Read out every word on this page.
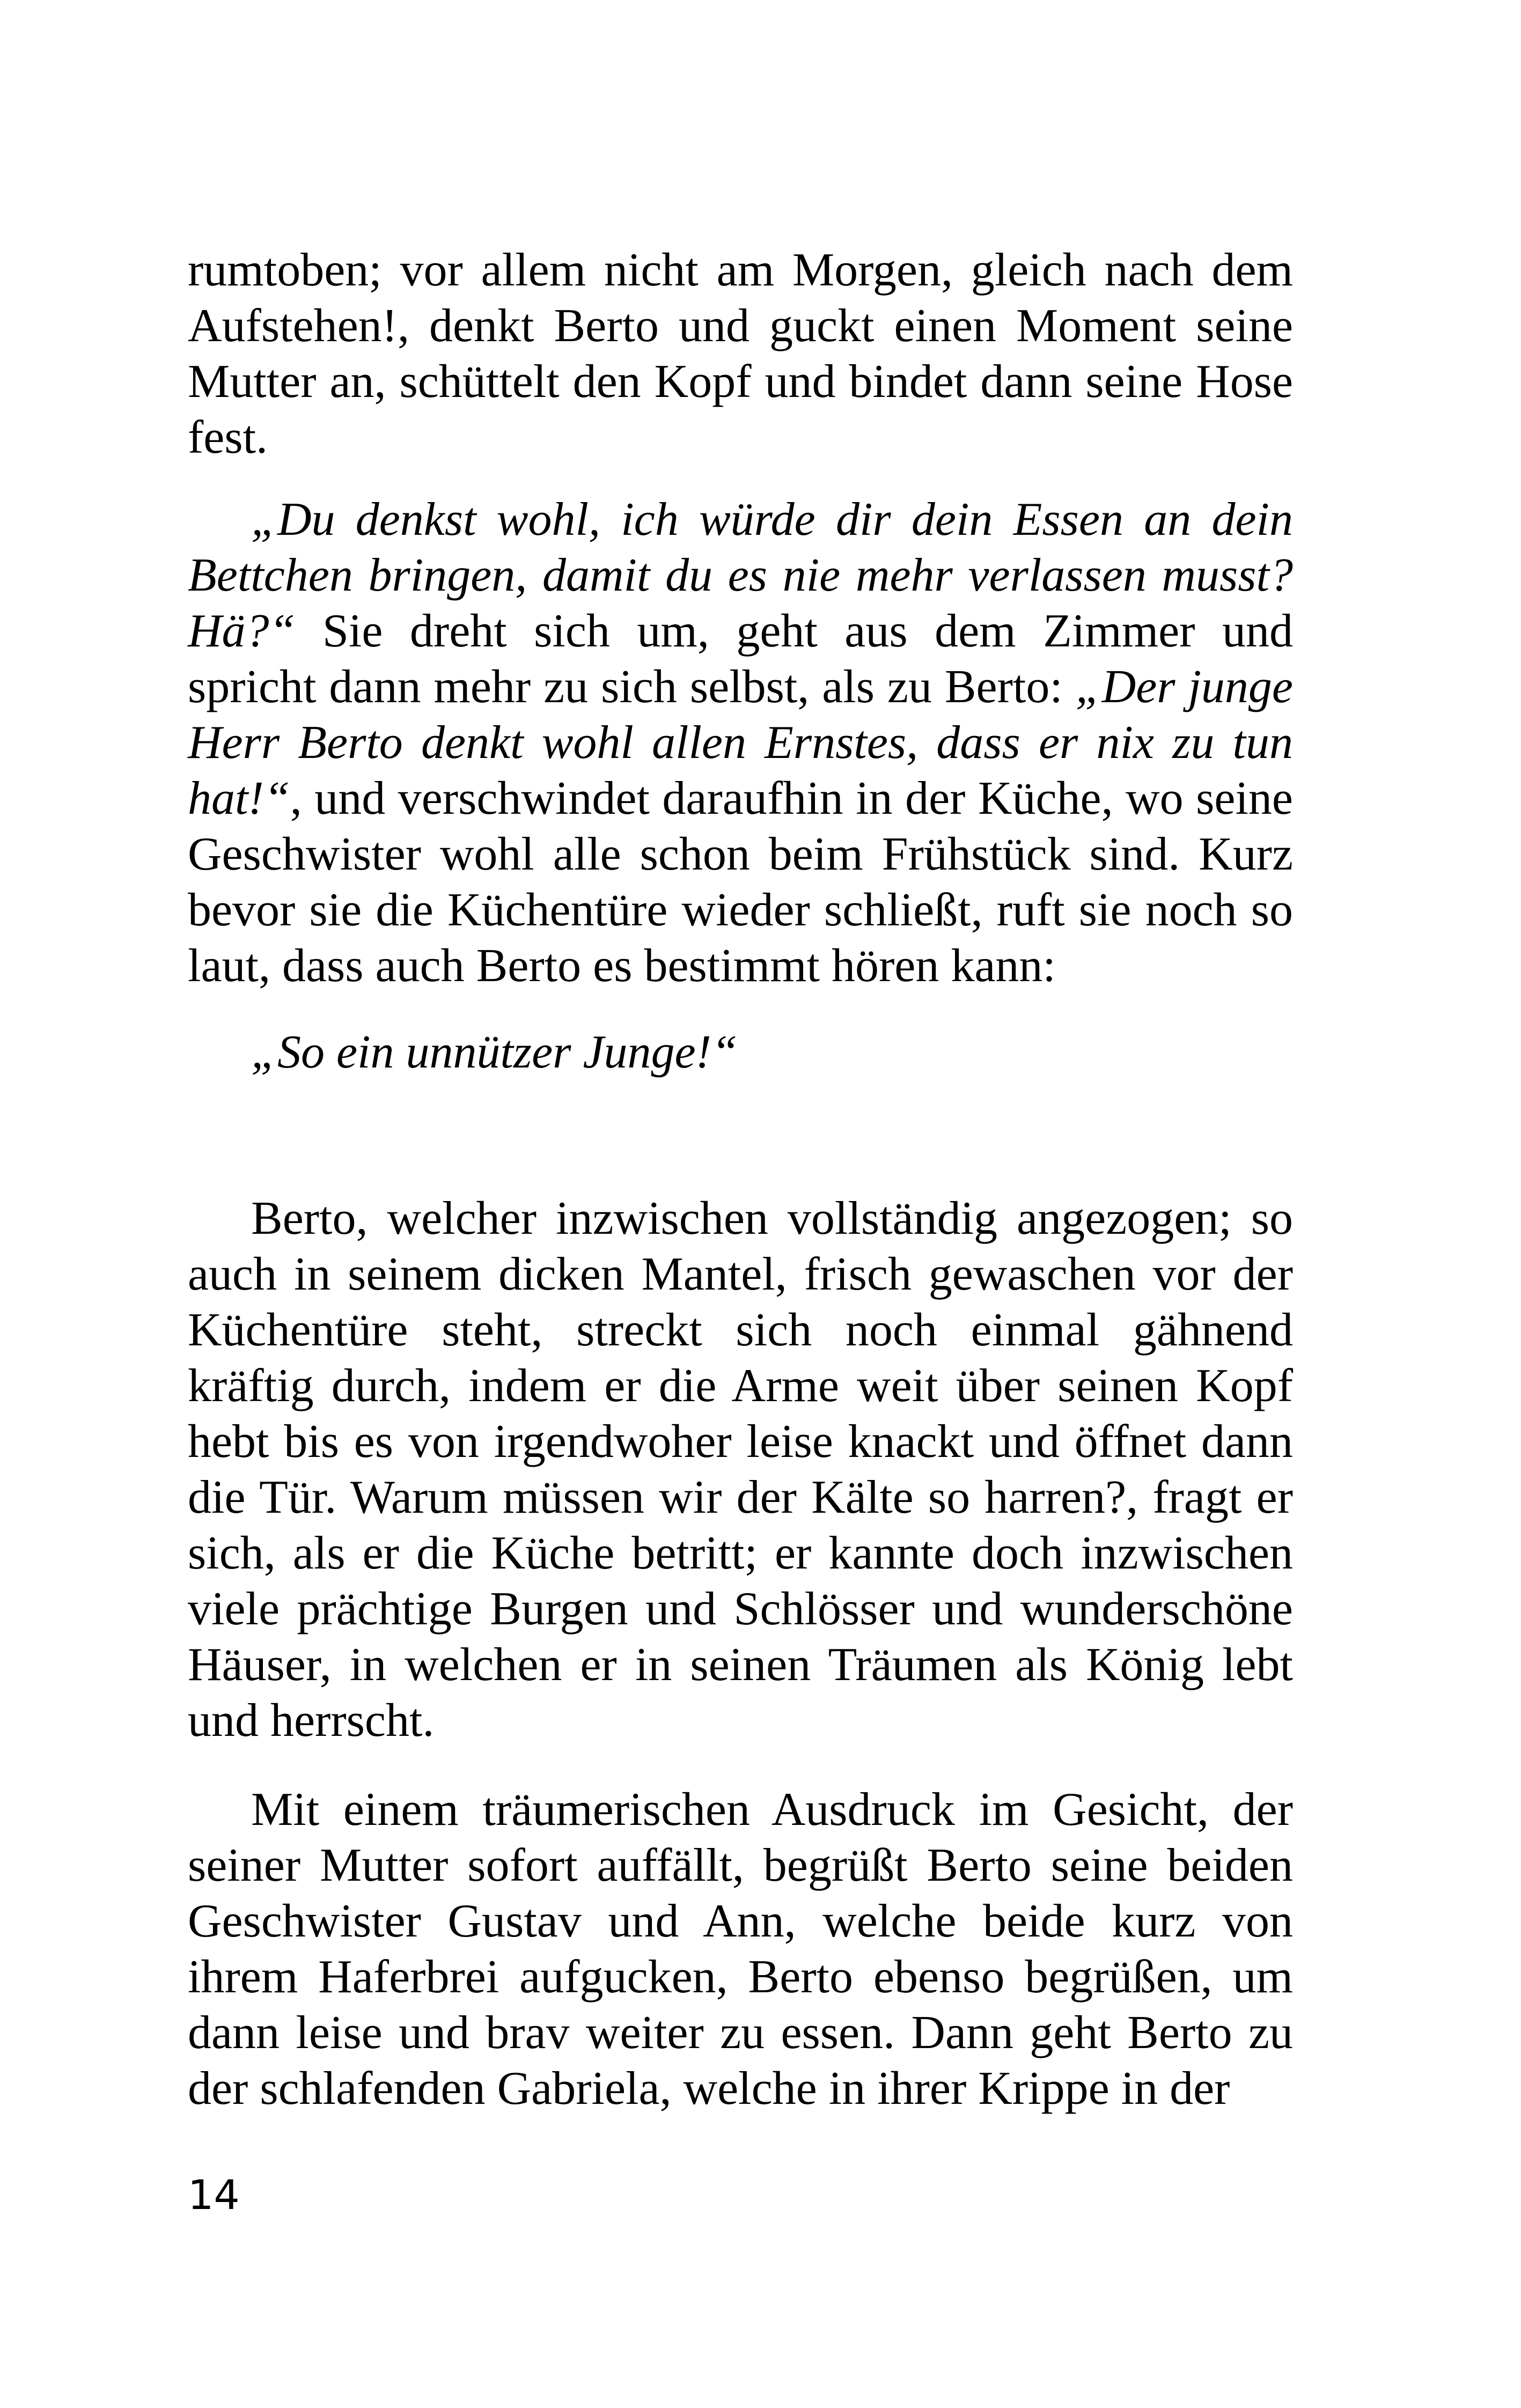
rumtoben; vor allem nicht am Morgen, gleich nach dem Aufstehen!, denkt Berto und guckt einen Moment seine Mutter an, schüttelt den Kopf und bindet dann seine Hose fest.

„Du denkst wohl, ich würde dir dein Essen an dein Bettchen bringen, damit du es nie mehr verlassen musst? Hä?“ Sie dreht sich um, geht aus dem Zimmer und spricht dann mehr zu sich selbst, als zu Berto: „Der junge Herr Berto denkt wohl allen Ernstes, dass er nix zu tun hat!“, und verschwindet daraufhin in der Küche, wo seine Geschwister wohl alle schon beim Frühstück sind. Kurz bevor sie die Küchentüre wieder schließt, ruft sie noch so laut, dass auch Berto es bestimmt hören kann:

„So ein unnützer Junge!“

Berto, welcher inzwischen vollständig angezogen; so auch in seinem dicken Mantel, frisch gewaschen vor der Küchentüre steht, streckt sich noch einmal gähnend kräftig durch, indem er die Arme weit über seinen Kopf hebt bis es von irgendwoher leise knackt und öffnet dann die Tür. Warum müssen wir der Kälte so harren?, fragt er sich, als er die Küche betritt; er kannte doch inzwischen viele prächtige Burgen und Schlösser und wunderschöne Häuser, in welchen er in seinen Träumen als König lebt und herrscht.

Mit einem träumerischen Ausdruck im Gesicht, der seiner Mutter sofort auffällt, begrüßt Berto seine beiden Geschwister Gustav und Ann, welche beide kurz von ihrem Haferbrei aufgucken, Berto ebenso begrüßen, um dann leise und brav weiter zu essen. Dann geht Berto zu der schlafenden Gabriela, welche in ihrer Krippe in der

14
